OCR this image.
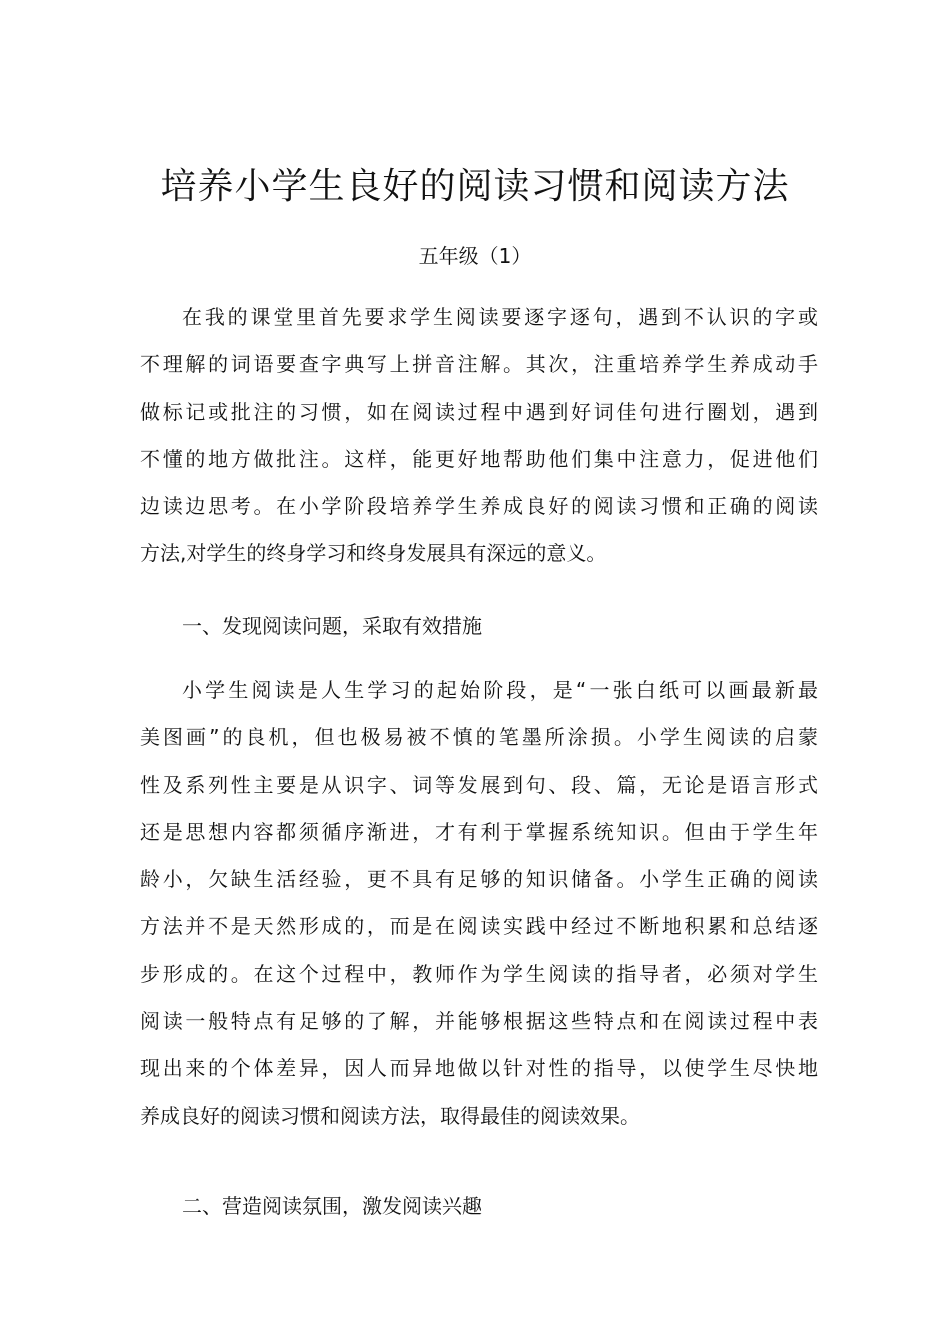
培养小学生良好的阅读习惯和阅读方法

五年级（1）

在我的课堂里首先要求学生阅读要逐字逐句，遇到不认识的字或
不理解的词语要查字典写上拼音注解。其次，注重培养学生养成动手
做标记或批注的习惯，如在阅读过程中遇到好词佳句进行圈划，遇到
不懂的地方做批注。这样，能更好地帮助他们集中注意力，促进他们
边读边思考。在小学阶段培养学生养成良好的阅读习惯和正确的阅读
方法,对学生的终身学习和终身发展具有深远的意义。

一、发现阅读问题，采取有效措施

小学生阅读是人生学习的起始阶段，是“一张白纸可以画最新最
美图画”的良机，但也极易被不慎的笔墨所涂损。小学生阅读的启蒙
性及系列性主要是从识字、词等发展到句、段、篇，无论是语言形式
还是思想内容都须循序渐进，才有利于掌握系统知识。但由于学生年
龄小，欠缺生活经验，更不具有足够的知识储备。小学生正确的阅读
方法并不是天然形成的，而是在阅读实践中经过不断地积累和总结逐
步形成的。在这个过程中，教师作为学生阅读的指导者，必须对学生
阅读一般特点有足够的了解，并能够根据这些特点和在阅读过程中表
现出来的个体差异，因人而异地做以针对性的指导，以使学生尽快地
养成良好的阅读习惯和阅读方法，取得最佳的阅读效果。

二、营造阅读氛围，激发阅读兴趣
